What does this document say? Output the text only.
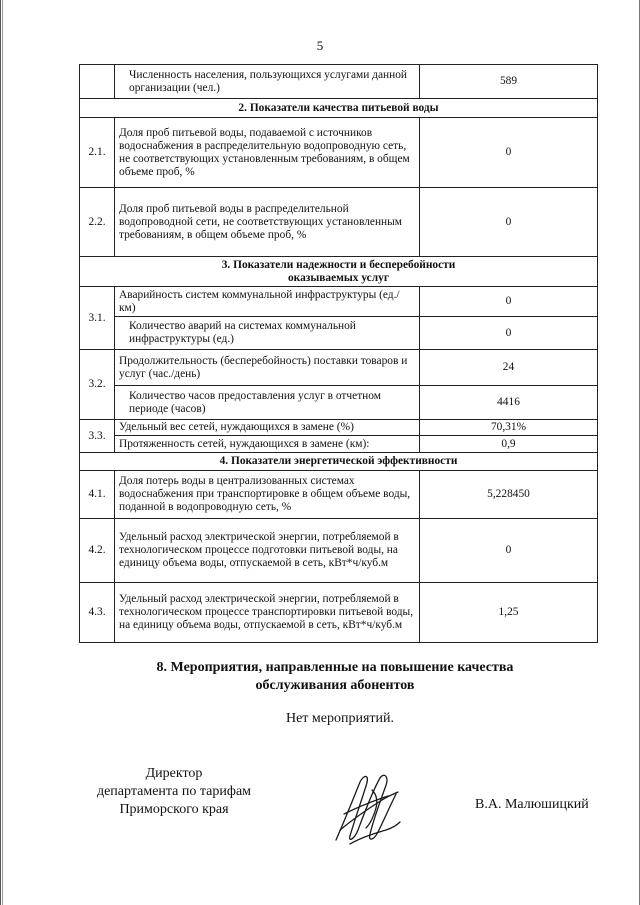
5
	Численность населения, пользующихся услугами данной организации (чел.)	589
2. Показатели качества питьевой воды		
2.1.	Доля проб питьевой воды, подаваемой с источников водоснабжения в распределительную водопроводную сеть, не соответствующих установленным требованиям, в общем объеме проб, %	0
2.2.	Доля проб питьевой воды в распределительной водопроводной сети, не соответствующих установленным требованиям, в общем объеме проб, %	0

3. Показатели надежности и бесперебойности оказываемых услуг		

3.1.	Аварийность систем коммунальной инфраструктуры (ед./км)	0
	Количество аварий на системах коммунальной инфраструктуры (ед.)	0
3.2.	Продолжительность (бесперебойность) поставки товаров и услуг (час./день)	24
	Количество часов предоставления услуг в отчетном периоде (часов)	4416
3.3.	Удельный вес сетей, нуждающихся в замене (%)	70,31%
	Протяженность сетей, нуждающихся в замене (км):	0,9
4. Показатели энергетической эффективности		
4.1.	Доля потерь воды в централизованных системах водоснабжения при транспортировке в общем объеме воды, поданной в водопроводную сеть, %	5,228450
4.2.	Удельный расход электрической энергии, потребляемой в технологическом процессе подготовки питьевой воды, на единицу объема воды, отпускаемой в сеть, кВт*ч/куб.м	0
4.3.	Удельный расход электрической энергии, потребляемой в технологическом процессе транспортировки питьевой воды, на единицу объема воды, отпускаемой в сеть, кВт*ч/куб.м	1,25
8. Мероприятия, направленные на повышение качества
обслуживания абонентов
Нет мероприятий.
Директор
департамента по тарифам
Приморского края	В.А. Малюшицкий
